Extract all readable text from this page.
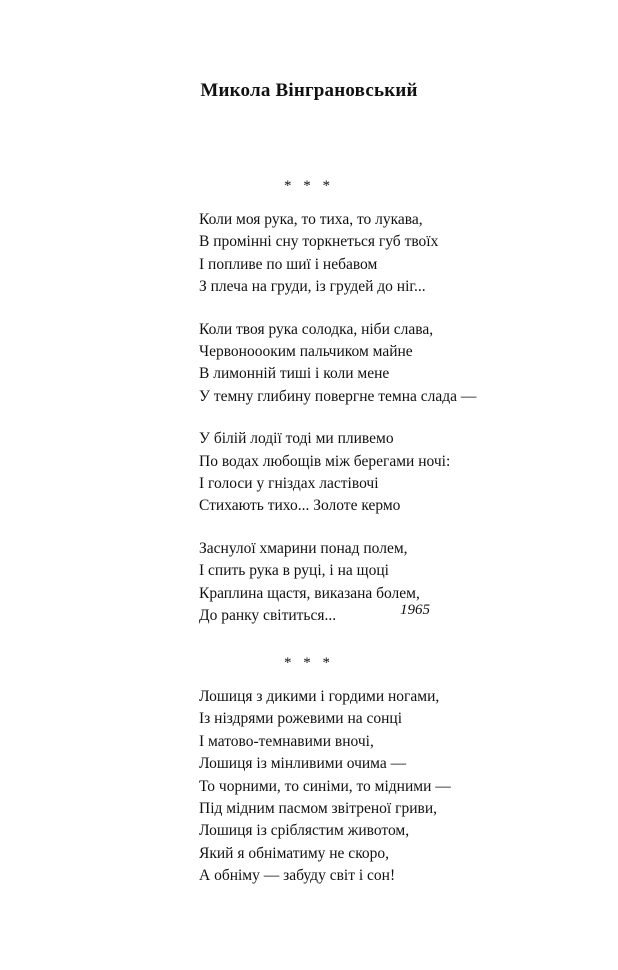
Микола Вінграновський
* * *
Коли моя рука, то тиха, то лукава,
В промінні сну торкнеться губ твоїх
І попливе по шиї і небавом
З плеча на груди, із грудей до ніг...
Коли твоя рука солодка, ніби слава,
Червоноооким пальчиком майне
В лимонній тиші і коли мене
У темну глибину повергне темна слада —
У білій лодії тоді ми пливемо
По водах любощів між берегами ночі:
І голоси у гніздах ластівочі
Стихають тихо... Золоте кермо
Заснулої хмарини понад полем,
І спить рука в руці, і на щоці
Краплина щастя, виказана болем,
До ранку світиться...	1965
* * *
Лошиця з дикими і гордими ногами,
Із ніздрями рожевими на сонці
І матово-темнавими вночі,
Лошиця із мінливими очима —
То чорними, то синіми, то мідними —
Під мідним пасмом звітреної гриви,
Лошиця із сріблястим животом,
Який я обніматиму не скоро,
А обніму — забуду світ і сон!
